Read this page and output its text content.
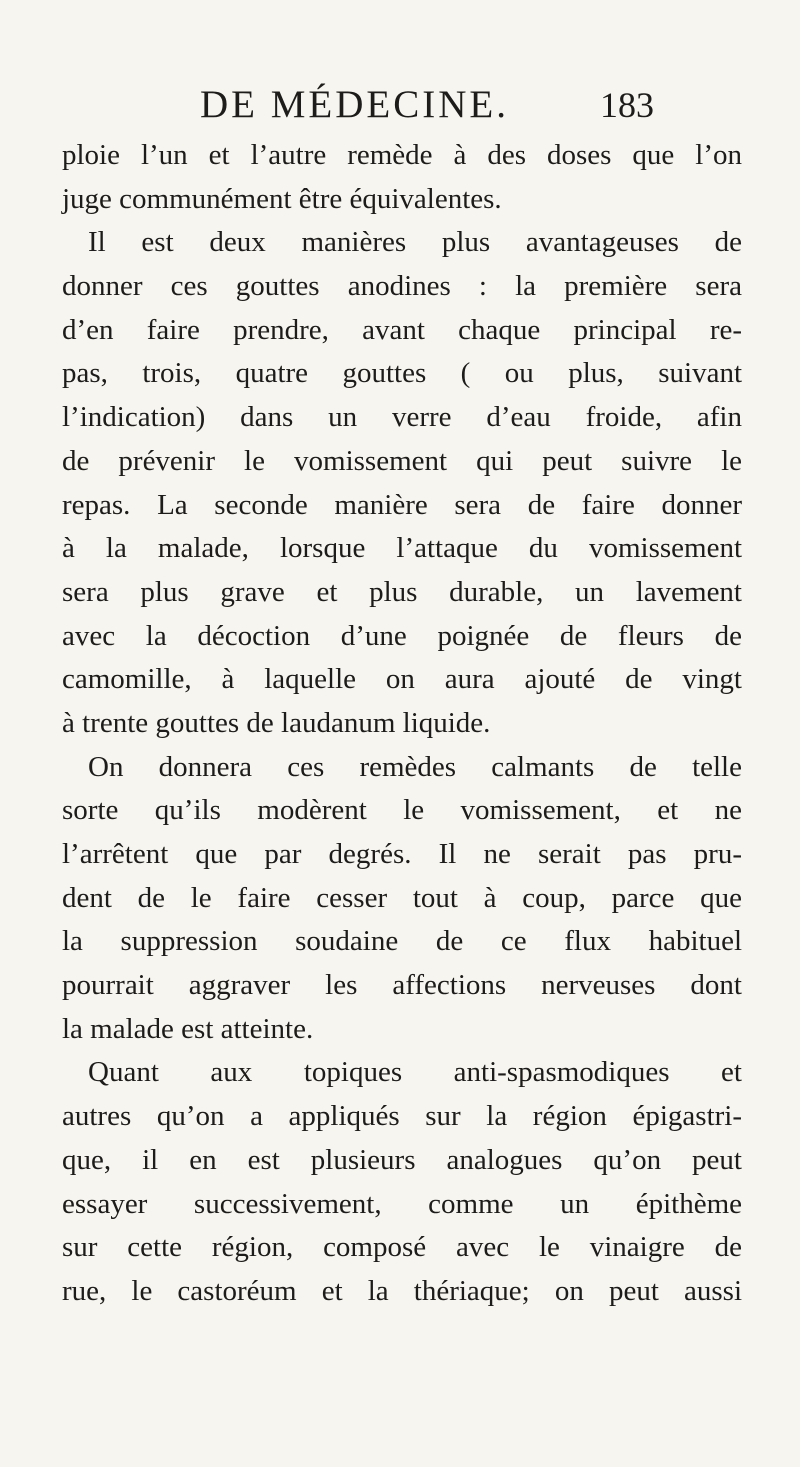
DE MÉDECINE.	183
ploie l’un et l’autre remède à des doses que l’on
juge communément être équivalentes.
Il est deux manières plus avantageuses de
donner ces gouttes anodines : la première sera
d’en faire prendre, avant chaque principal re-
pas, trois, quatre gouttes ( ou plus, suivant
l’indication) dans un verre d’eau froide, afin
de prévenir le vomissement qui peut suivre le
repas. La seconde manière sera de faire donner
à la malade, lorsque l’attaque du vomissement
sera plus grave et plus durable, un lavement
avec la décoction d’une poignée de fleurs de
camomille, à laquelle on aura ajouté de vingt
à trente gouttes de laudanum liquide.
On donnera ces remèdes calmants de telle
sorte qu’ils modèrent le vomissement, et ne
l’arrêtent que par degrés. Il ne serait pas pru-
dent de le faire cesser tout à coup, parce que
la suppression soudaine de ce flux habituel
pourrait aggraver les affections nerveuses dont
la malade est atteinte.
Quant aux topiques anti-spasmodiques et
autres qu’on a appliqués sur la région épigastri-
que, il en est plusieurs analogues qu’on peut
essayer successivement, comme un épithème
sur cette région, composé avec le vinaigre de
rue, le castoréum et la thériaque; on peut aussi
